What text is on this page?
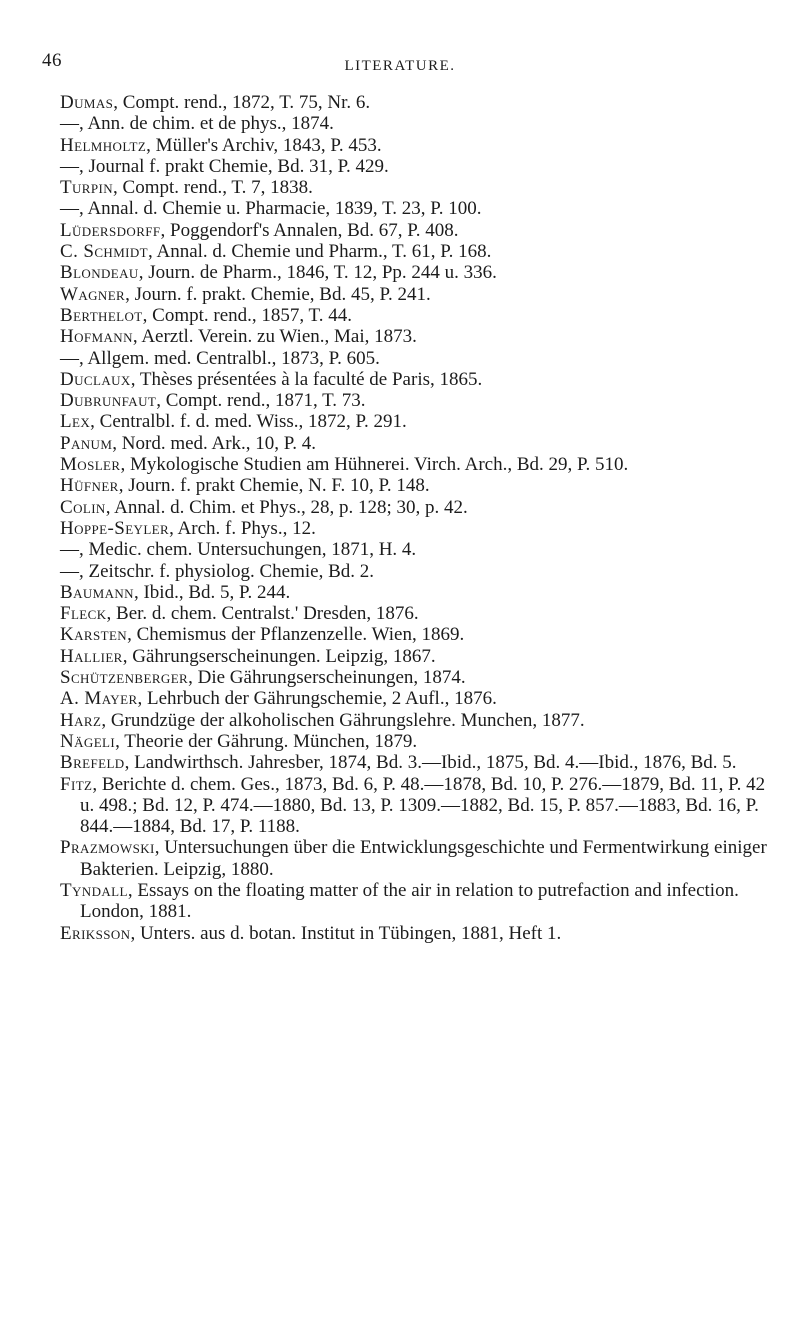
46	LITERATURE.

Dumas, Compt. rend., 1872, T. 75, Nr. 6.

—, Ann. de chim. et de phys., 1874.

Helmholtz, Müller's Archiv, 1843, P. 453.

—, Journal f. prakt Chemie, Bd. 31, P. 429.

Turpin, Compt. rend., T. 7, 1838.

—, Annal. d. Chemie u. Pharmacie, 1839, T. 23, P. 100.

Lüdersdorff, Poggendorf's Annalen, Bd. 67, P. 408.

C. Schmidt, Annal. d. Chemie und Pharm., T. 61, P. 168.

Blondeau, Journ. de Pharm., 1846, T. 12, Pp. 244 u. 336.

Wagner, Journ. f. prakt. Chemie, Bd. 45, P. 241.

Berthelot, Compt. rend., 1857, T. 44.

Hofmann, Aerztl. Verein. zu Wien., Mai, 1873.

—, Allgem. med. Centralbl., 1873, P. 605.

Duclaux, Thèses présentées à la faculté de Paris, 1865.

Dubrunfaut, Compt. rend., 1871, T. 73.

Lex, Centralbl. f. d. med. Wiss., 1872, P. 291.

Panum, Nord. med. Ark., 10, P. 4.

Mosler, Mykologische Studien am Hühnerei. Virch. Arch., Bd. 29, P. 510.

Hüfner, Journ. f. prakt Chemie, N. F. 10, P. 148.

Colin, Annal. d. Chim. et Phys., 28, p. 128; 30, p. 42.

Hoppe-Seyler, Arch. f. Phys., 12.

—, Medic. chem. Untersuchungen, 1871, H. 4.

—, Zeitschr. f. physiolog. Chemie, Bd. 2.

Baumann, Ibid., Bd. 5, P. 244.

Fleck, Ber. d. chem. Centralst.' Dresden, 1876.

Karsten, Chemismus der Pflanzenzelle. Wien, 1869.

Hallier, Gährungserscheinungen. Leipzig, 1867.

Schützenberger, Die Gährungserscheinungen, 1874.

A. Mayer, Lehrbuch der Gährungschemie, 2 Aufl., 1876.

Harz, Grundzüge der alkoholischen Gährungslehre. Munchen, 1877.

Nägeli, Theorie der Gährung. München, 1879.

Brefeld, Landwirthsch. Jahresber, 1874, Bd. 3.—Ibid., 1875, Bd. 4.—Ibid., 1876, Bd. 5.

Fitz, Berichte d. chem. Ges., 1873, Bd. 6, P. 48.—1878, Bd. 10, P. 276.—1879, Bd. 11, P. 42 u. 498.; Bd. 12, P. 474.—1880, Bd. 13, P. 1309.—1882, Bd. 15, P. 857.—1883, Bd. 16, P. 844.—1884, Bd. 17, P. 1188.

Prazmowski, Untersuchungen über die Entwicklungsgeschichte und Fermentwirkung einiger Bakterien. Leipzig, 1880.

Tyndall, Essays on the floating matter of the air in relation to putrefaction and infection. London, 1881.

Eriksson, Unters. aus d. botan. Institut in Tübingen, 1881, Heft 1.
